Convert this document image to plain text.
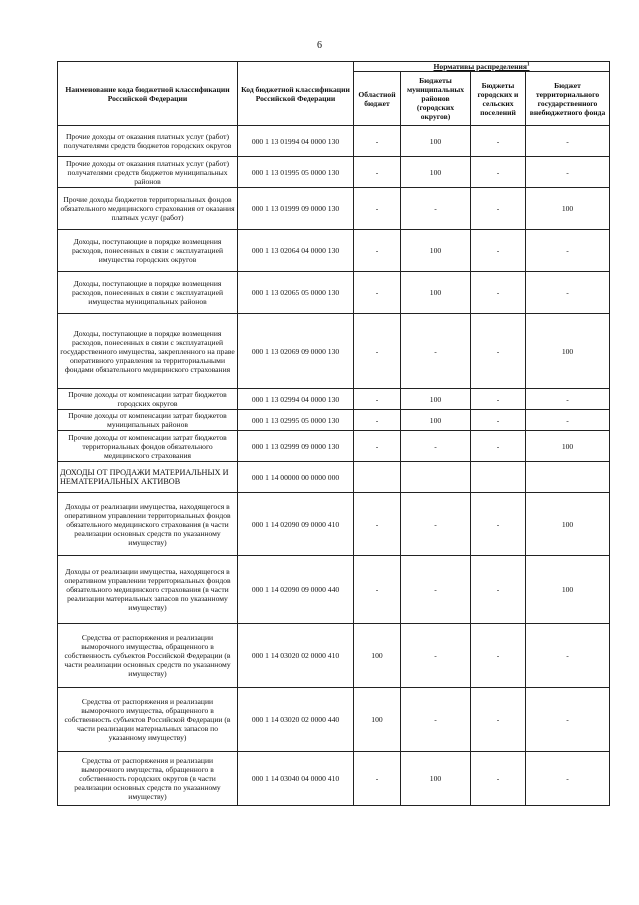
6
Наименование кода бюджетной классификации Российской Федерации	Код бюджетной классификации Российской Федерации	Нормативы распределения$^1$
		Областной бюджет	Бюджеты муниципальных районов (городских округов)	Бюджеты городских и сельских поселений	Бюджет территориального государственного внебюджетного фонда
Прочие доходы от оказания платных услуг (работ) получателями средств бюджетов городских округов	000 1 13 01994 04 0000 130	-	100	-	-
Прочие доходы от оказания платных услуг (работ) получателями средств бюджетов муниципальных районов	000 1 13 01995 05 0000 130	-	100	-	-
Прочие доходы бюджетов территориальных фондов обязательного медицинского страхования от оказания платных услуг (работ)	000 1 13 01999 09 0000 130	-	-	-	100
Доходы, поступающие в порядке возмещения расходов, понесенных в связи с эксплуатацией имущества городских округов	000 1 13 02064 04 0000 130	-	100	-	-
Доходы, поступающие в порядке возмещения расходов, понесенных в связи с эксплуатацией имущества муниципальных районов	000 1 13 02065 05 0000 130	-	100	-	-
Доходы, поступающие в порядке возмещения расходов, понесенных в связи с эксплуатацией государственного имущества, закрепленного на праве оперативного управления за территориальными фондами обязательного медицинского страхования	000 1 13 02069 09 0000 130	-	-	-	100
Прочие доходы от компенсации затрат бюджетов городских округов	000 1 13 02994 04 0000 130	-	100	-	-
Прочие доходы от компенсации затрат бюджетов муниципальных районов	000 1 13 02995 05 0000 130	-	100	-	-
Прочие доходы от компенсации затрат бюджетов территориальных фондов обязательного медицинского страхования	000 1 13 02999 09 0000 130	-	-	-	100
ДОХОДЫ ОТ ПРОДАЖИ МАТЕРИАЛЬНЫХ И НЕМАТЕРИАЛЬНЫХ АКТИВОВ	000 1 14 00000 00 0000 000				
Доходы от реализации имущества, находящегося в оперативном управлении территориальных фондов обязательного медицинского страхования (в части реализации основных средств по указанному имуществу)	000 1 14 02090 09 0000 410	-	-	-	100
Доходы от реализации имущества, находящегося в оперативном управлении территориальных фондов обязательного медицинского страхования (в части реализации материальных запасов по указанному имуществу)	000 1 14 02090 09 0000 440	-	-	-	100
Средства от распоряжения и реализации выморочного имущества, обращенного в собственность субъектов Российской Федерации (в части реализации основных средств по указанному имуществу)	000 1 14 03020 02 0000 410	100	-	-	-
Средства от распоряжения и реализации выморочного имущества, обращенного в собственность субъектов Российской Федерации (в части реализации материальных запасов по указанному имуществу)	000 1 14 03020 02 0000 440	100	-	-	-
Средства от распоряжения и реализации выморочного имущества, обращенного в собственность городских округов (в части реализации основных средств по указанному имуществу)	000 1 14 03040 04 0000 410	-	100	-	-
